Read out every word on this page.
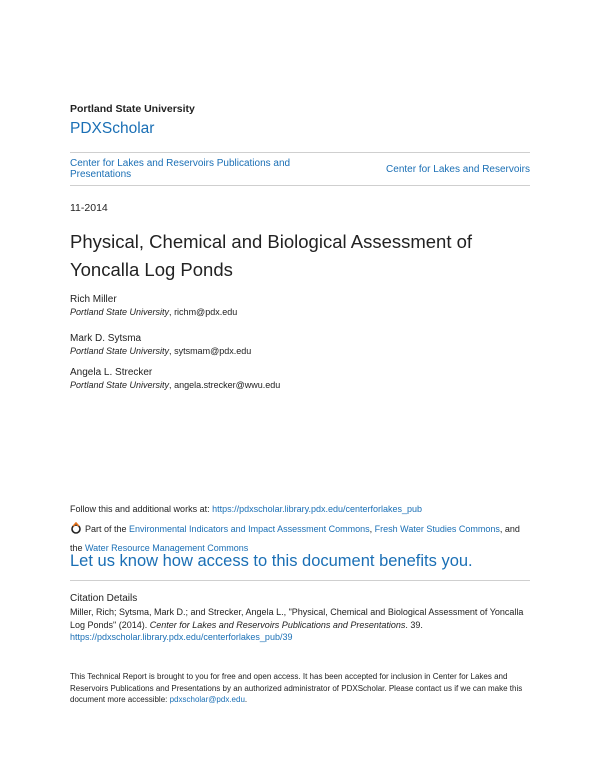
Portland State University
PDXScholar
Center for Lakes and Reservoirs Publications and Presentations	Center for Lakes and Reservoirs
11-2014
Physical, Chemical and Biological Assessment of Yoncalla Log Ponds
Rich Miller
Portland State University, richm@pdx.edu
Mark D. Sytsma
Portland State University, sytsmam@pdx.edu
Angela L. Strecker
Portland State University, angela.strecker@wwu.edu
Follow this and additional works at: https://pdxscholar.library.pdx.edu/centerforlakes_pub
Part of the Environmental Indicators and Impact Assessment Commons, Fresh Water Studies Commons, and the Water Resource Management Commons
Let us know how access to this document benefits you.
Citation Details
Miller, Rich; Sytsma, Mark D.; and Strecker, Angela L., "Physical, Chemical and Biological Assessment of Yoncalla Log Ponds" (2014). Center for Lakes and Reservoirs Publications and Presentations. 39.
https://pdxscholar.library.pdx.edu/centerforlakes_pub/39
This Technical Report is brought to you for free and open access. It has been accepted for inclusion in Center for Lakes and Reservoirs Publications and Presentations by an authorized administrator of PDXScholar. Please contact us if we can make this document more accessible: pdxscholar@pdx.edu.
